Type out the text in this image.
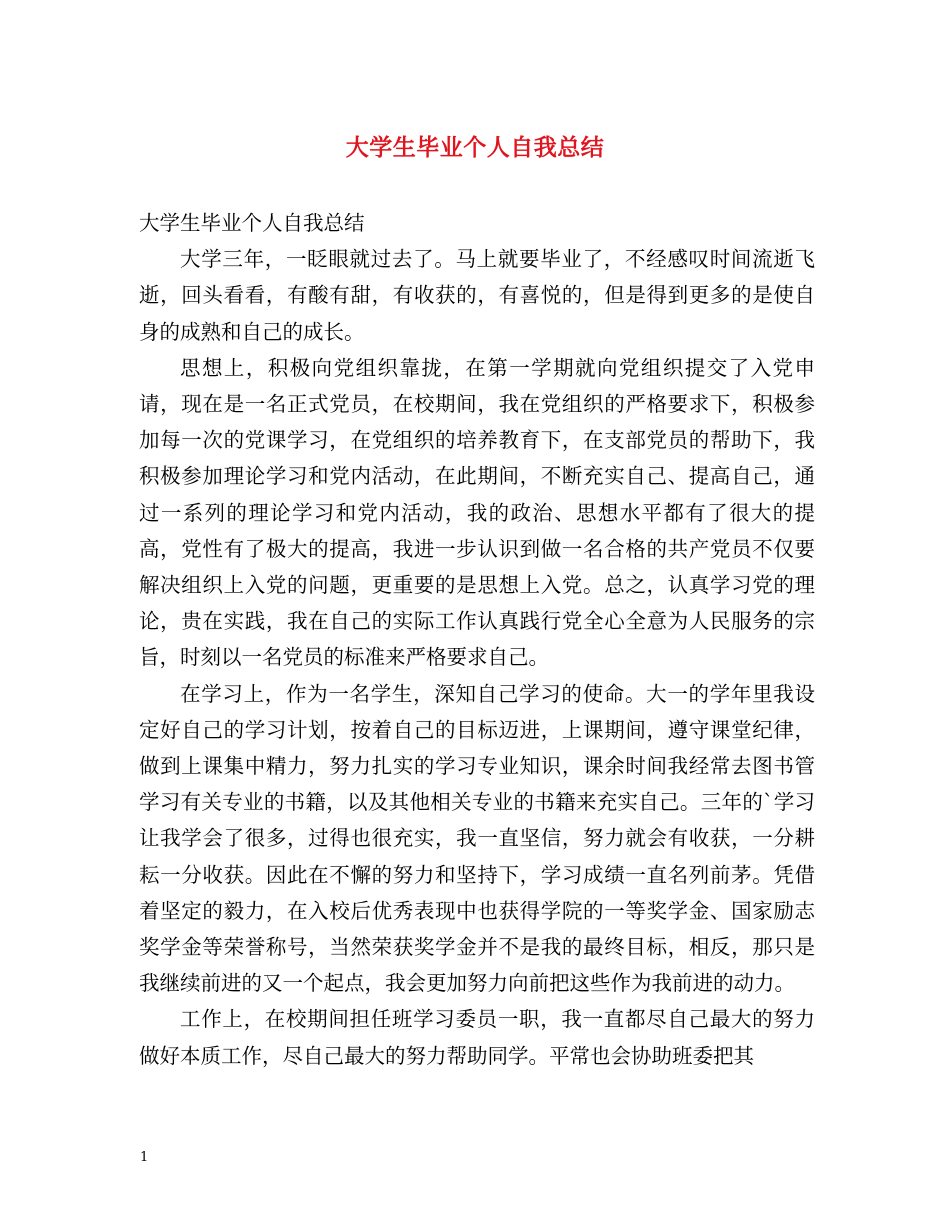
大学生毕业个人自我总结

大学生毕业个人自我总结

大学三年，一眨眼就过去了。马上就要毕业了，不经感叹时间流逝飞逝，回头看看，有酸有甜，有收获的，有喜悦的，但是得到更多的是使自身的成熟和自己的成长。

思想上，积极向党组织靠拢，在第一学期就向党组织提交了入党申请，现在是一名正式党员，在校期间，我在党组织的严格要求下，积极参加每一次的党课学习，在党组织的培养教育下，在支部党员的帮助下，我积极参加理论学习和党内活动，在此期间，不断充实自己、提高自己，通过一系列的理论学习和党内活动，我的政治、思想水平都有了很大的提高，党性有了极大的提高，我进一步认识到做一名合格的共产党员不仅要解决组织上入党的问题，更重要的是思想上入党。总之，认真学习党的理论，贵在实践，我在自己的实际工作认真践行党全心全意为人民服务的宗旨，时刻以一名党员的标准来严格要求自己。

在学习上，作为一名学生，深知自己学习的使命。大一的学年里我设定好自己的学习计划，按着自己的目标迈进，上课期间，遵守课堂纪律，做到上课集中精力，努力扎实的学习专业知识，课余时间我经常去图书管学习有关专业的书籍，以及其他相关专业的书籍来充实自己。三年的`学习让我学会了很多，过得也很充实，我一直坚信，努力就会有收获，一分耕耘一分收获。因此在不懈的努力和坚持下，学习成绩一直名列前茅。凭借着坚定的毅力，在入校后优秀表现中也获得学院的一等奖学金、国家励志奖学金等荣誉称号，当然荣获奖学金并不是我的最终目标，相反，那只是我继续前进的又一个起点，我会更加努力向前把这些作为我前进的动力。

工作上，在校期间担任班学习委员一职，我一直都尽自己最大的努力做好本质工作，尽自己最大的努力帮助同学。平常也会协助班委把其

1
